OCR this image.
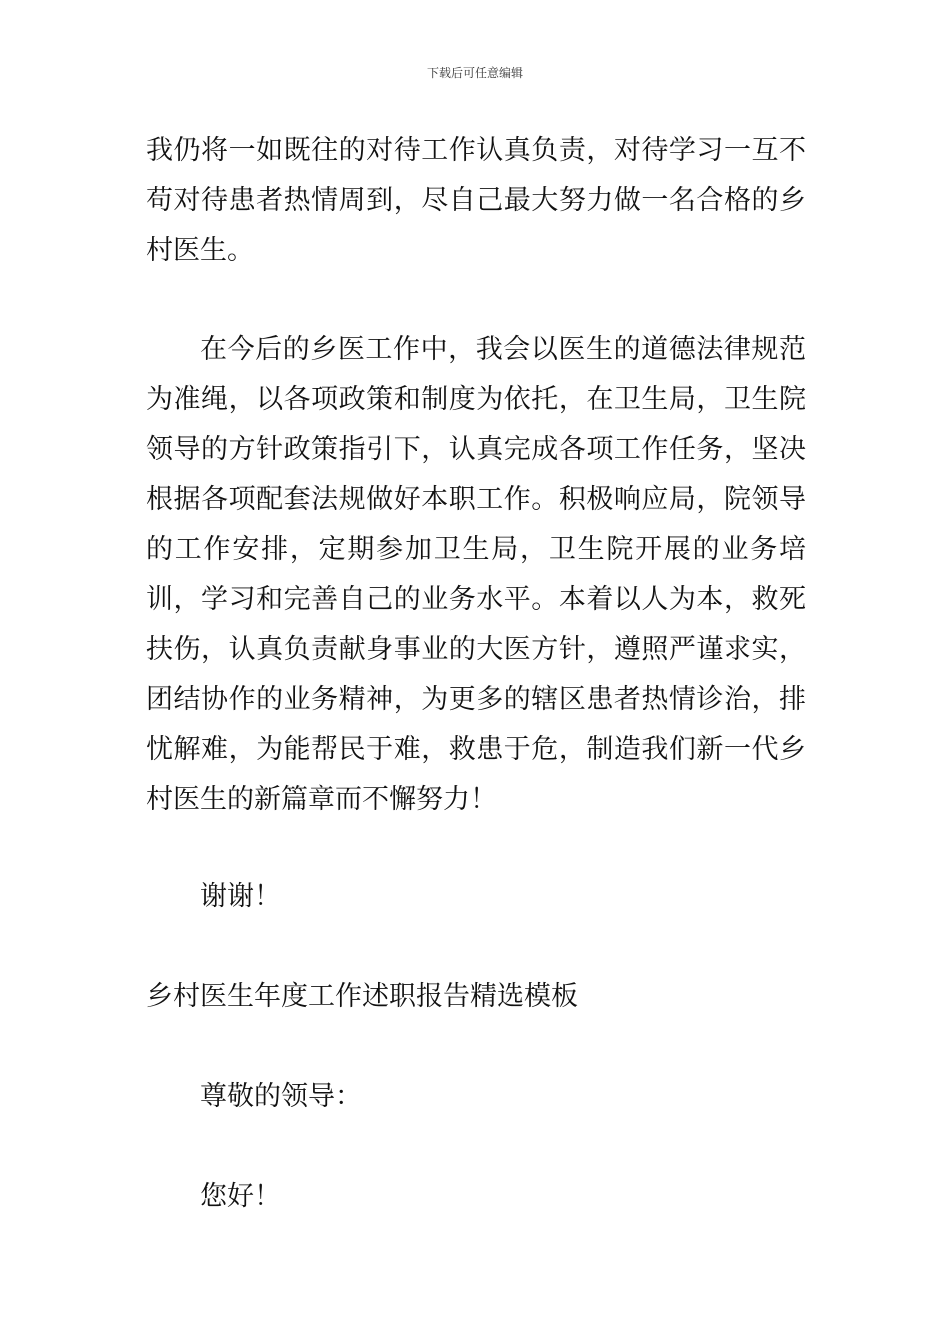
下载后可任意编辑

我仍将一如既往的对待工作认真负责，对待学习一互不苟对待患者热情周到，尽自己最大努力做一名合格的乡村医生。

在今后的乡医工作中，我会以医生的道德法律规范为准绳，以各项政策和制度为依托，在卫生局，卫生院领导的方针政策指引下，认真完成各项工作任务，坚决根据各项配套法规做好本职工作。积极响应局，院领导的工作安排，定期参加卫生局，卫生院开展的业务培训，学习和完善自己的业务水平。本着以人为本，救死扶伤，认真负责献身事业的大医方针，遵照严谨求实，团结协作的业务精神，为更多的辖区患者热情诊治，排忧解难，为能帮民于难，救患于危，制造我们新一代乡村医生的新篇章而不懈努力！

谢谢！

乡村医生年度工作述职报告精选模板

尊敬的领导：

您好！
